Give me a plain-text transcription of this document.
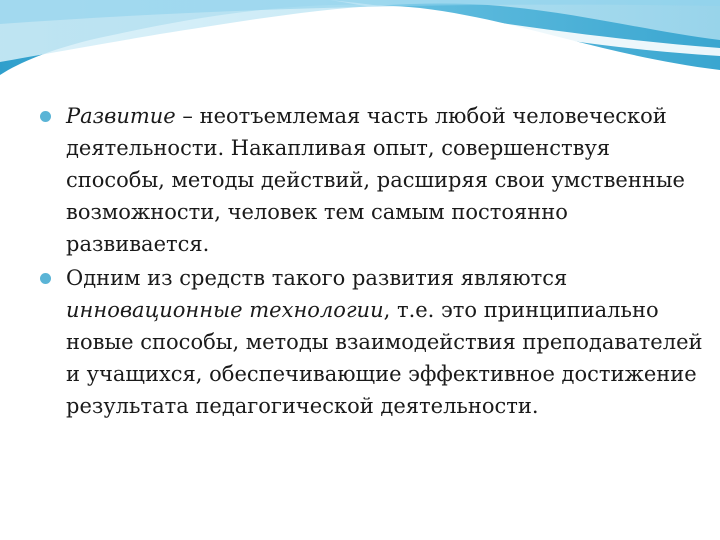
Развитие – неотъемлемая часть любой человеческой деятельности. Накапливая опыт, совершенствуя способы, методы действий, расширяя свои умственные возможности, человек тем самым постоянно развивается.
Одним из средств такого развития являются инновационные технологии, т.е. это принципиально новые способы, методы взаимодействия преподавателей и учащихся, обеспечивающие эффективное достижение результата педагогической деятельности.
